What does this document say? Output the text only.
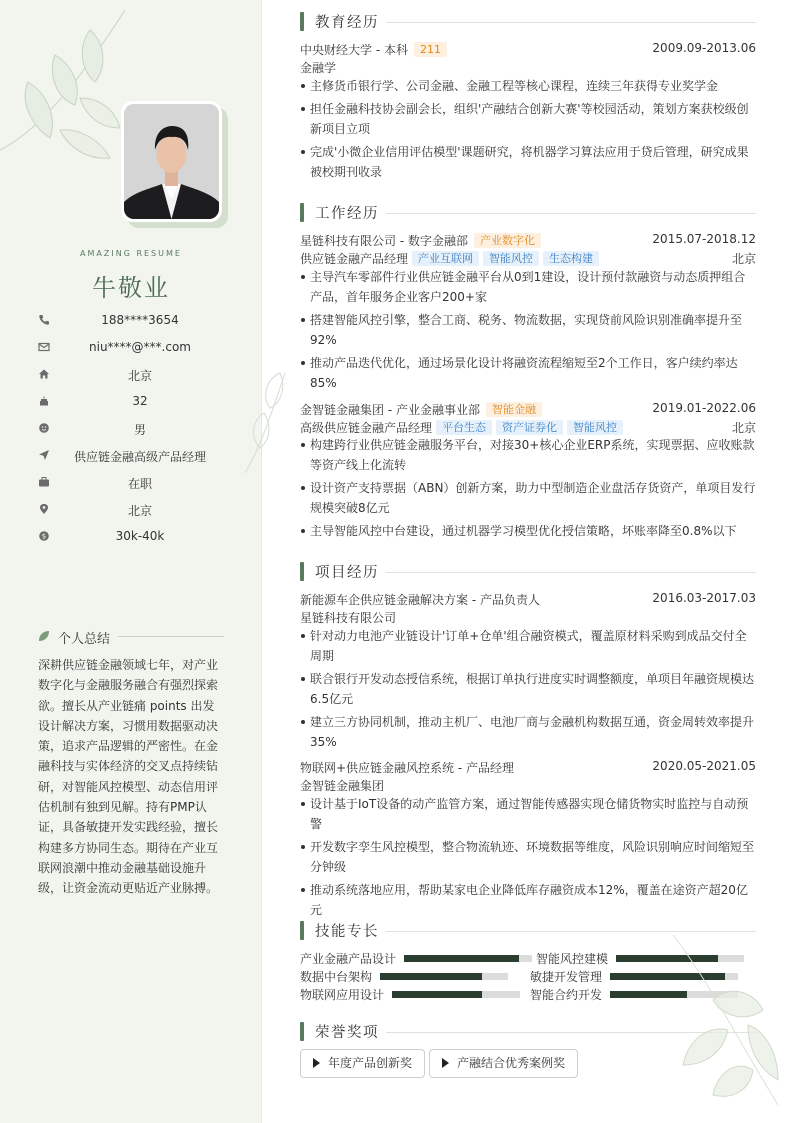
AMAZING RESUME
牛敬业
188****3654
niu****@***.com
北京
32
男
供应链金融高级产品经理
在职
北京
$	30k-40k
个人总结
深耕供应链金融领域七年，对产业数字化与金融服务融合有强烈探索欲。擅长从产业链痛 points 出发设计解决方案，习惯用数据驱动决策，追求产品逻辑的严密性。在金融科技与实体经济的交叉点持续钻研，对智能风控模型、动态信用评估机制有独到见解。持有PMP认证，具备敏捷开发实践经验，擅长构建多方协同生态。期待在产业互联网浪潮中推动金融基础设施升级，让资金流动更贴近产业脉搏。
教育经历
中央财经大学 - 本科 211	2009.09-2013.06
金融学
主修货币银行学、公司金融、金融工程等核心课程，连续三年获得专业奖学金
担任金融科技协会副会长，组织'产融结合创新大赛'等校园活动，策划方案获校级创新项目立项
完成'小微企业信用评估模型'课题研究，将机器学习算法应用于贷后管理，研究成果被校期刊收录
工作经历
星链科技有限公司 - 数字金融部 产业数字化	2015.07-2018.12
供应链金融产品经理 产业互联网 智能风控 生态构建	北京
主导汽车零部件行业供应链金融平台从0到1建设，设计预付款融资与动态质押组合产品，首年服务企业客户200+家
搭建智能风控引擎，整合工商、税务、物流数据，实现贷前风险识别准确率提升至92%
推动产品迭代优化，通过场景化设计将融资流程缩短至2个工作日，客户续约率达85%
金智链金融集团 - 产业金融事业部 智能金融	2019.01-2022.06
高级供应链金融产品经理 平台生态 资产证券化 智能风控	北京
构建跨行业供应链金融服务平台，对接30+核心企业ERP系统，实现票据、应收账款等资产线上化流转
设计资产支持票据（ABN）创新方案，助力中型制造企业盘活存货资产，单项目发行规模突破8亿元
主导智能风控中台建设，通过机器学习模型优化授信策略，坏账率降至0.8%以下
项目经历
新能源车企供应链金融解决方案 - 产品负责人	2016.03-2017.03
星链科技有限公司
针对动力电池产业链设计'订单+仓单'组合融资模式，覆盖原材料采购到成品交付全周期
联合银行开发动态授信系统，根据订单执行进度实时调整额度，单项目年融资规模达6.5亿元
建立三方协同机制，推动主机厂、电池厂商与金融机构数据互通，资金周转效率提升35%
物联网+供应链金融风控系统 - 产品经理	2020.05-2021.05
金智链金融集团
设计基于IoT设备的动产监管方案，通过智能传感器实现仓储货物实时监控与自动预警
开发数字孪生风控模型，整合物流轨迹、环境数据等维度，风险识别响应时间缩短至分钟级
推动系统落地应用，帮助某家电企业降低库存融资成本12%，覆盖在途资产超20亿元
技能专长
产业金融产品设计	智能风控建模
数据中台架构	敏捷开发管理
物联网应用设计	智能合约开发
荣誉奖项
年度产品创新奖	产融结合优秀案例奖
